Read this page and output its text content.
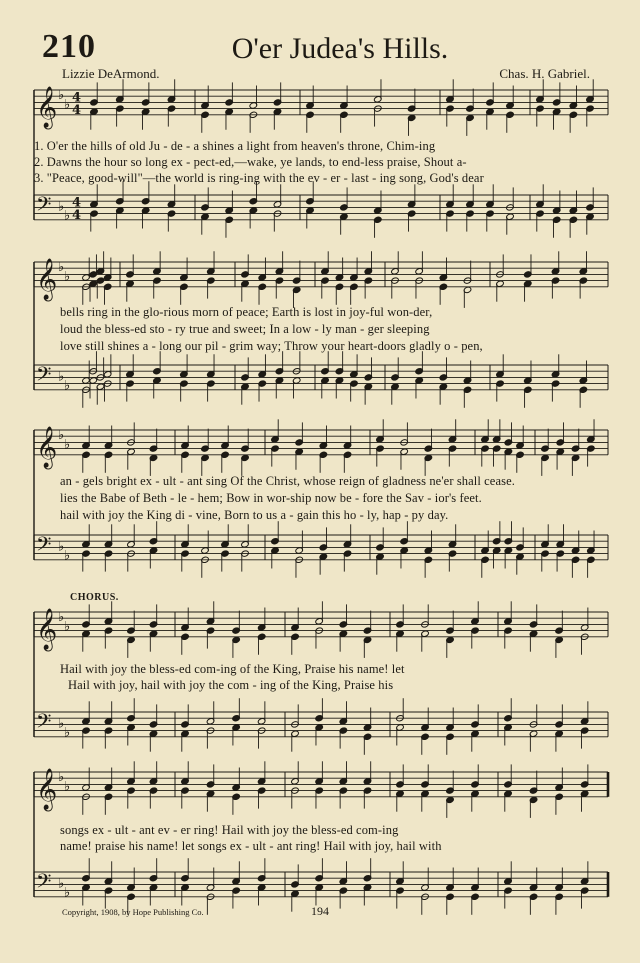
210	O'er Judea's Hills.
Lizzie DeArmond.	Chas. H. Gabriel.
𝄞 ♭
♭ 4
4
𝄢 ♭
♭
4
4
𝄞 ♭
♭
𝄢 ♭
♭
𝄞 ♭
♭
𝄢 ♭
♭
𝄞 ♭
♭
𝄢 ♭
♭
𝄞 ♭
♭
𝄢 ♭
♭
1. O'er the hills of old Ju - de - a shines a light from heaven's throne, Chim-ing
2. Dawns the hour so long ex - pect-ed,—wake, ye lands, to end-less praise, Shout a-
3. "Peace, good-will"—the world is ring-ing with the ev - er - last - ing song, God's dear
bells ring in the glo-rious morn of peace; Earth is lost in joy-ful won-der,
loud the bless-ed sto - ry true and sweet; In a low - ly man - ger sleeping
love still shines a - long our pil - grim way; Throw your heart-doors gladly o - pen,
an - gels bright ex - ult - ant sing Of the Christ, whose reign of gladness ne'er shall cease.
lies the Babe of Beth - le - hem; Bow in wor-ship now be - fore the Sav - ior's feet.
hail with joy the King di - vine, Born to us a - gain this ho - ly, hap - py day.
CHORUS.
Hail with joy the bless-ed com-ing of the King, Praise his name! let
Hail with joy, hail with joy the com - ing of the King, Praise his
songs ex - ult - ant ev - er ring! Hail with joy the bless-ed com-ing
name! praise his name! let songs ex - ult - ant ring! Hail with joy, hail with
Copyright, 1908, by Hope Publishing Co.	194
